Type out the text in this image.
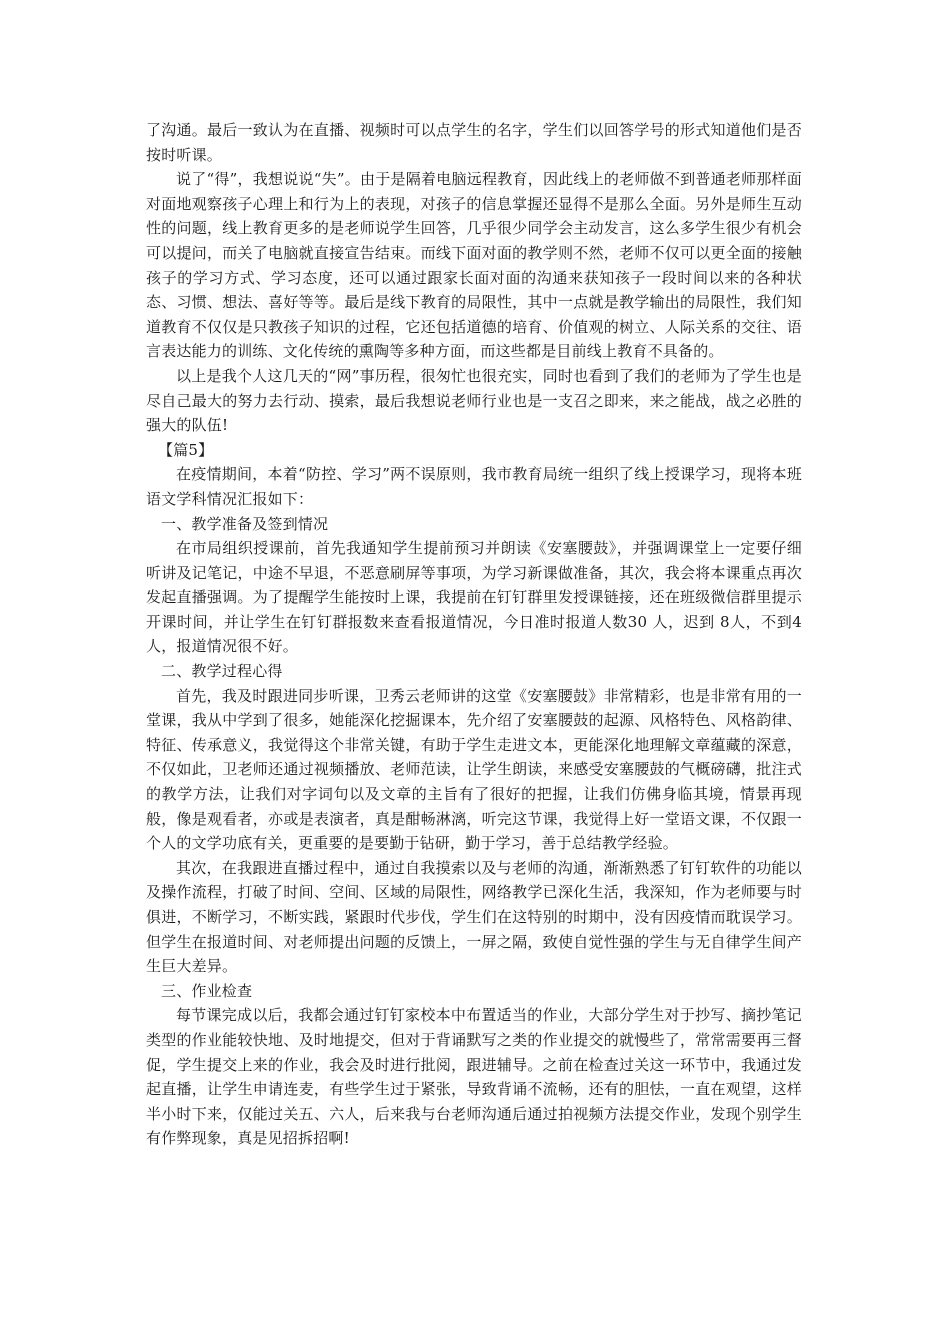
了沟通。最后一致认为在直播、视频时可以点学生的名字，学生们以回答学号的形式知道他们是否按时听课。

说了“得”，我想说说“失”。由于是隔着电脑远程教育，因此线上的老师做不到普通老师那样面对面地观察孩子心理上和行为上的表现，对孩子的信息掌握还显得不是那么全面。另外是师生互动性的问题，线上教育更多的是老师说学生回答，几乎很少同学会主动发言，这么多学生很少有机会可以提问，而关了电脑就直接宣告结束。而线下面对面的教学则不然，老师不仅可以更全面的接触孩子的学习方式、学习态度，还可以通过跟家长面对面的沟通来获知孩子一段时间以来的各种状态、习惯、想法、喜好等等。最后是线下教育的局限性，其中一点就是教学输出的局限性，我们知道教育不仅仅是只教孩子知识的过程，它还包括道德的培育、价值观的树立、人际关系的交往、语言表达能力的训练、文化传统的熏陶等多种方面，而这些都是目前线上教育不具备的。

以上是我个人这几天的“网”事历程，很匆忙也很充实，同时也看到了我们的老师为了学生也是尽自己最大的努力去行动、摸索，最后我想说老师行业也是一支召之即来，来之能战，战之必胜的强大的队伍!

【篇5】

在疫情期间，本着“防控、学习”两不误原则，我市教育局统一组织了线上授课学习，现将本班语文学科情况汇报如下：

一、教学准备及签到情况

在市局组织授课前，首先我通知学生提前预习并朗读《安塞腰鼓》，并强调课堂上一定要仔细听讲及记笔记，中途不早退，不恶意刷屏等事项，为学习新课做准备，其次，我会将本课重点再次发起直播强调。为了提醒学生能按时上课，我提前在钉钉群里发授课链接，还在班级微信群里提示开课时间，并让学生在钉钉群报数来查看报道情况，今日准时报道人数30 人，迟到 8人，不到4人，报道情况很不好。

二、教学过程心得

首先，我及时跟进同步听课，卫秀云老师讲的这堂《安塞腰鼓》非常精彩，也是非常有用的一堂课，我从中学到了很多，她能深化挖掘课本，先介绍了安塞腰鼓的起源、风格特色、风格韵律、特征、传承意义，我觉得这个非常关键，有助于学生走进文本，更能深化地理解文章蕴藏的深意，不仅如此，卫老师还通过视频播放、老师范读，让学生朗读，来感受安塞腰鼓的气概磅礴，批注式的教学方法，让我们对字词句以及文章的主旨有了很好的把握，让我们仿佛身临其境，情景再现般，像是观看者，亦或是表演者，真是酣畅淋漓，听完这节课，我觉得上好一堂语文课，不仅跟一个人的文学功底有关，更重要的是要勤于钻研，勤于学习，善于总结教学经验。

其次，在我跟进直播过程中，通过自我摸索以及与老师的沟通，渐渐熟悉了钉钉软件的功能以及操作流程，打破了时间、空间、区域的局限性，网络教学已深化生活，我深知，作为老师要与时俱进，不断学习，不断实践，紧跟时代步伐，学生们在这特别的时期中，没有因疫情而耽误学习。但学生在报道时间、对老师提出问题的反馈上，一屏之隔，致使自觉性强的学生与无自律学生间产生巨大差异。

三、作业检查

每节课完成以后，我都会通过钉钉家校本中布置适当的作业，大部分学生对于抄写、摘抄笔记类型的作业能较快地、及时地提交，但对于背诵默写之类的作业提交的就慢些了，常常需要再三督促，学生提交上来的作业，我会及时进行批阅，跟进辅导。之前在检查过关这一环节中，我通过发起直播，让学生申请连麦，有些学生过于紧张，导致背诵不流畅，还有的胆怯，一直在观望，这样半小时下来，仅能过关五、六人，后来我与台老师沟通后通过拍视频方法提交作业，发现个别学生有作弊现象，真是见招拆招啊!
